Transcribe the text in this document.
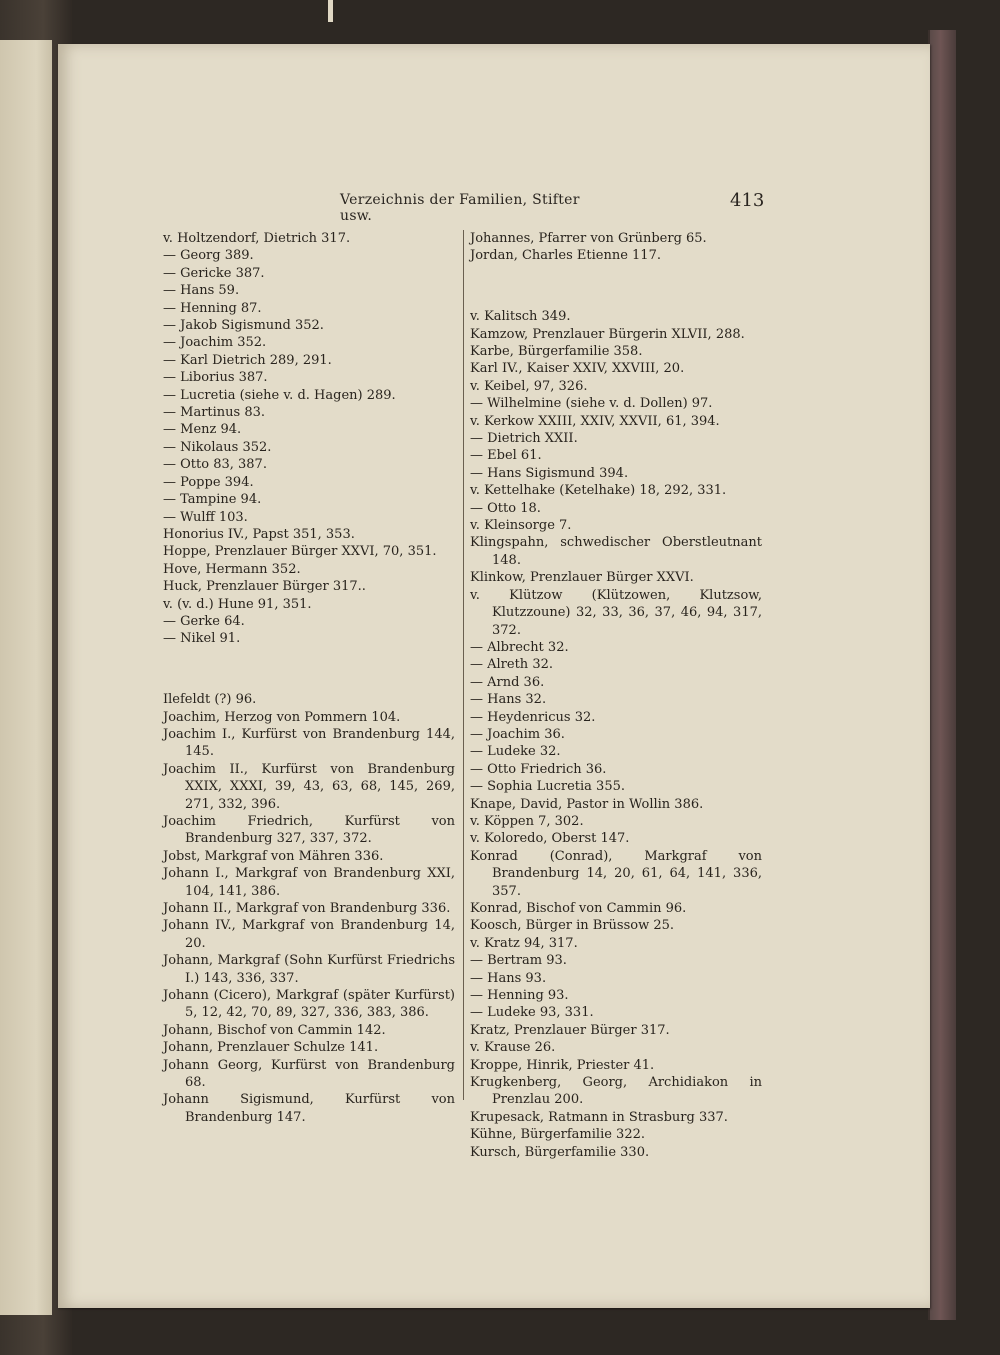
Verzeichnis der Familien, Stifter usw.
413

v. Holtzendorf, Dietrich 317.

— Georg 389.

— Gericke 387.

— Hans 59.

— Henning 87.

— Jakob Sigismund 352.

— Joachim 352.

— Karl Dietrich 289, 291.

— Liborius 387.

— Lucretia (siehe v. d. Hagen) 289.

— Martinus 83.

— Menz 94.

— Nikolaus 352.

— Otto 83, 387.

— Poppe 394.

— Tampine 94.

— Wulff 103.

Honorius IV., Papst 351, 353.

Hoppe, Prenzlauer Bürger XXVI, 70, 351.

Hove, Hermann 352.

Huck, Prenzlauer Bürger 317..

v. (v. d.) Hune 91, 351.

— Gerke 64.

— Nikel 91.

Ilefeldt (?) 96.

Joachim, Herzog von Pommern 104.

Joachim I., Kurfürst von Brandenburg 144, 145.

Joachim II., Kurfürst von Brandenburg XXIX, XXXI, 39, 43, 63, 68, 145, 269, 271, 332, 396.

Joachim Friedrich, Kurfürst von Brandenburg 327, 337, 372.

Jobst, Markgraf von Mähren 336.

Johann I., Markgraf von Brandenburg XXI, 104, 141, 386.

Johann II., Markgraf von Brandenburg 336.

Johann IV., Markgraf von Brandenburg 14, 20.

Johann, Markgraf (Sohn Kurfürst Friedrichs I.) 143, 336, 337.

Johann (Cicero), Markgraf (später Kurfürst) 5, 12, 42, 70, 89, 327, 336, 383, 386.

Johann, Bischof von Cammin 142.

Johann, Prenzlauer Schulze 141.

Johann Georg, Kurfürst von Brandenburg 68.

Johann Sigismund, Kurfürst von Brandenburg 147.

Johannes, Pfarrer von Grünberg 65.

Jordan, Charles Etienne 117.

v. Kalitsch 349.

Kamzow, Prenzlauer Bürgerin XLVII, 288.

Karbe, Bürgerfamilie 358.

Karl IV., Kaiser XXIV, XXVIII, 20.

v. Keibel, 97, 326.

— Wilhelmine (siehe v. d. Dollen) 97.

v. Kerkow XXIII, XXIV, XXVII, 61, 394.

— Dietrich XXII.

— Ebel 61.

— Hans Sigismund 394.

v. Kettelhake (Ketelhake) 18, 292, 331.

— Otto 18.

v. Kleinsorge 7.

Klingspahn, schwedischer Oberstleutnant 148.

Klinkow, Prenzlauer Bürger XXVI.

v. Klützow (Klützowen, Klutzsow, Klutzzoune) 32, 33, 36, 37, 46, 94, 317, 372.

— Albrecht 32.

— Alreth 32.

— Arnd 36.

— Hans 32.

— Heydenricus 32.

— Joachim 36.

— Ludeke 32.

— Otto Friedrich 36.

— Sophia Lucretia 355.

Knape, David, Pastor in Wollin 386.

v. Köppen 7, 302.

v. Koloredo, Oberst 147.

Konrad (Conrad), Markgraf von Brandenburg 14, 20, 61, 64, 141, 336, 357.

Konrad, Bischof von Cammin 96.

Koosch, Bürger in Brüssow 25.

v. Kratz 94, 317.

— Bertram 93.

— Hans 93.

— Henning 93.

— Ludeke 93, 331.

Kratz, Prenzlauer Bürger 317.

v. Krause 26.

Kroppe, Hinrik, Priester 41.

Krugkenberg, Georg, Archidiakon in Prenzlau 200.

Krupesack, Ratmann in Strasburg 337.

Kühne, Bürgerfamilie 322.

Kursch, Bürgerfamilie 330.
